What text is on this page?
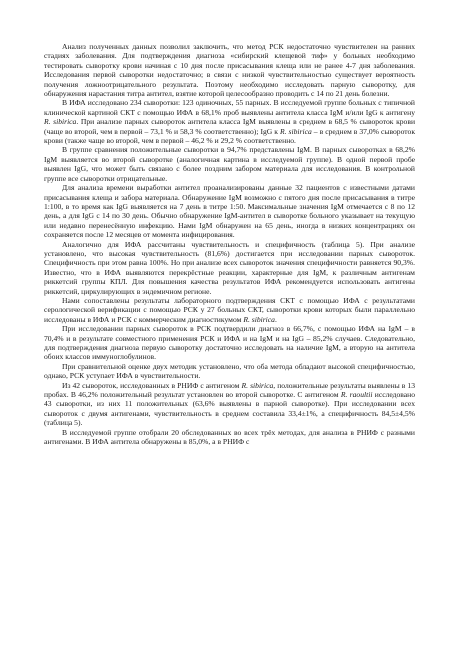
Анализ полученных данных позволил заключить, что метод РСК недостаточно чувствителен на ранних стадиях заболевания. Для подтверждения диагноза «сибирский клещевой тиф» у больных необходимо тестировать сыворотку крови начиная с 10 дня после присасывания клеща или не ранее 4-7 дня заболевания. Исследования первой сыворотки недостаточно; в связи с низкой чувствительностью существует вероятность получения ложноотрицательного результата. Поэтому необходимо исследовать парную сыворотку, для обнаружения нарастания титра антител, взятие которой целесообразно проводить с 14 по 21 день болезни.

В ИФА исследовано 234 сыворотки: 123 одиночных, 55 парных. В исследуемой группе больных с типичной клинической картиной СКТ с помощью ИФА в 68,1% проб выявлены антитела класса IgM и/или IgG к антигену R. sibirica. При анализе парных сывороток антитела класса IgM выявлены в среднем в 68,5 % сывороток крови (чаще во второй, чем в первой – 73,1 % и 58,3 % соответственно); IgG к R. sibirica – в среднем в 37,0% сывороток крови (также чаще во второй, чем в первой – 46,2 % и 29,2 % соответственно.

В группе сравнения положительные сыворотки в 94,7% представлены IgM. В парных сыворотках в 68,2% IgM выявляется во второй сыворотке (аналогичная картина в исследуемой группе). В одной первой пробе выявлен IgG, что может быть связано с более поздним забором материала для исследования. В контрольной группе все сыворотки отрицательные.

Для анализа времени выработки антител проанализированы данные 32 пациентов с известными датами присасывания клеща и забора материала. Обнаружение IgM возможно с пятого дня после присасывания в титре 1:100, в то время как IgG выявляется на 7 день в титре 1:50. Максимальные значения IgM отмечается с 8 по 12 день, а для IgG с 14 по 30 день. Обычно обнаружение IgM-антител в сыворотке больного указывает на текущую или недавно перенесённую инфекцию. Нами IgM обнаружен на 65 день, иногда в низких концентрациях он сохраняется после 12 месяцев от момента инфицирования.

Аналогично для ИФА рассчитаны чувствительность и специфичность (таблица 5). При анализе установлено, что высокая чувствительность (81,6%) достигается при исследовании парных сывороток. Специфичность при этом равна 100%. Но при анализе всех сывороток значения специфичности равняется 90,3%. Известно, что в ИФА выявляются перекрёстные реакции, характерные для IgM, к различным антигенам риккетсий группы КПЛ. Для повышения качества результатов ИФА рекомендуется использовать антигены риккетсий, циркулирующих в эндемичном регионе.

Нами сопоставлены результаты лабораторного подтверждения СКТ с помощью ИФА с результатами серологической верификации с помощью РСК у 27 больных СКТ, сыворотки крови которых были параллельно исследованы в ИФА и РСК с коммерческим диагностикумом R. sibirica.

При исследовании парных сывороток в РСК подтвердили диагноз в 66,7%, с помощью ИФА на IgM – в 70,4% и в результате совместного применения РСК и ИФА и на IgM и на IgG – 85,2% случаев. Следовательно, для подтверждения диагноза первую сыворотку достаточно исследовать на наличие IgM, а вторую на антитела обоих классов иммуноглобулинов.

При сравнительной оценке двух методик установлено, что оба метода обладают высокой специфичностью, однако, РСК уступает ИФА в чувствительности.

Из 42 сывороток, исследованных в РНИФ с антигеном R. sibirica, положительные результаты выявлены в 13 пробах. В 46,2% положительный результат установлен во второй сыворотке. С антигеном R. raoultii исследовано 43 сыворотки, из них 11 положительных (63,6% выявлены в парной сыворотке). При исследовании всех сывороток с двумя антигенами, чувствительность в среднем составила 33,4±1%, а специфичность 84,5±4,5% (таблица 5).

В исследуемой группе отобрали 20 обследованных во всех трёх методах, для анализа в РНИФ с разными антигенами. В ИФА антитела обнаружены в 85,0%, а в РНИФ с
